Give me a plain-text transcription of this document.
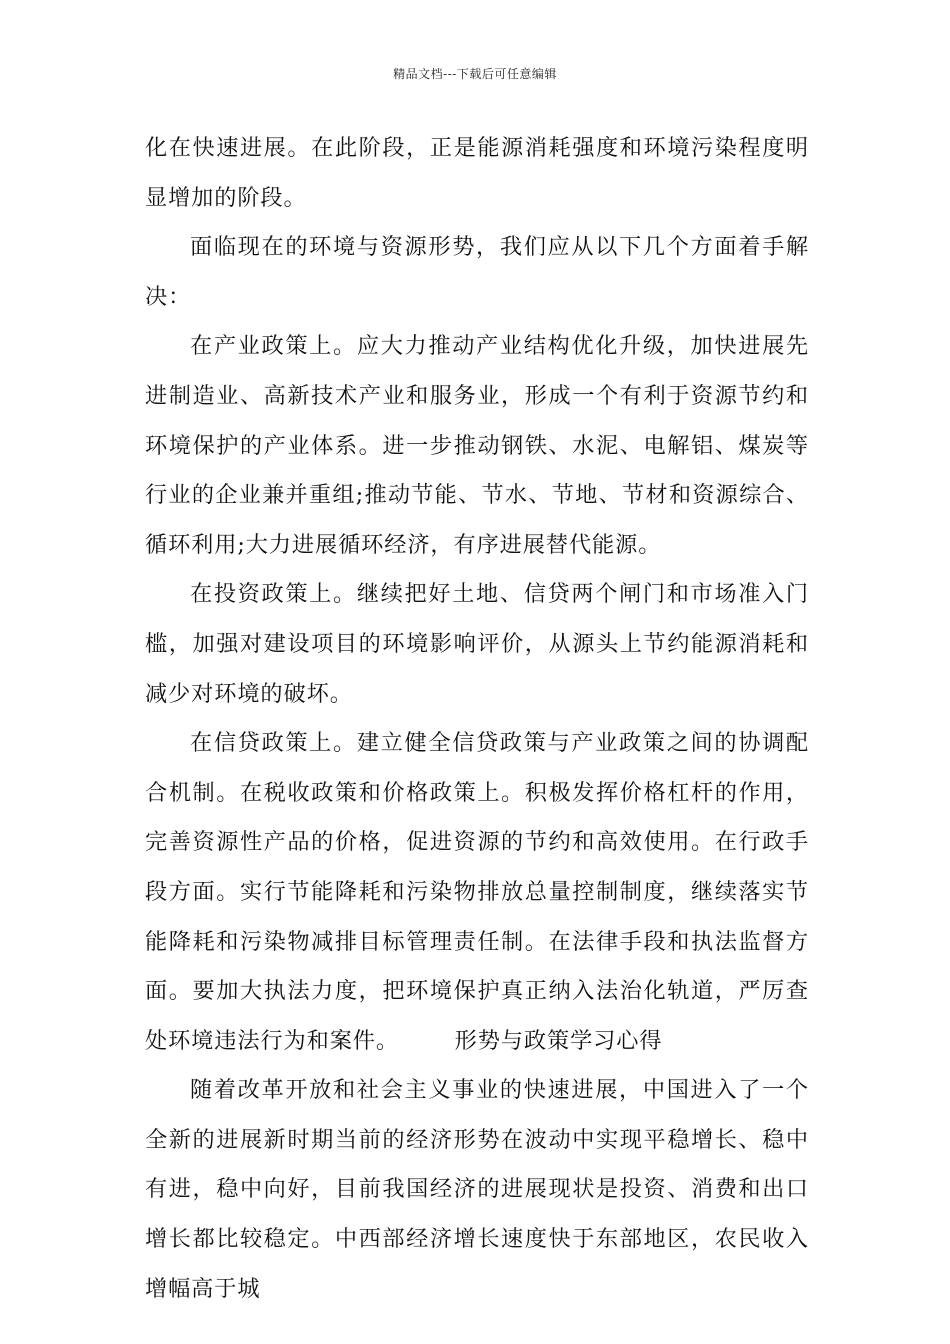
精品文档---下载后可任意编辑

化在快速进展。在此阶段，正是能源消耗强度和环境污染程度明显增加的阶段。

面临现在的环境与资源形势，我们应从以下几个方面着手解决：

在产业政策上。应大力推动产业结构优化升级，加快进展先进制造业、高新技术产业和服务业，形成一个有利于资源节约和环境保护的产业体系。进一步推动钢铁、水泥、电解铝、煤炭等行业的企业兼并重组;推动节能、节水、节地、节材和资源综合、循环利用;大力进展循环经济，有序进展替代能源。

在投资政策上。继续把好土地、信贷两个闸门和市场准入门槛，加强对建设项目的环境影响评价，从源头上节约能源消耗和减少对环境的破坏。

在信贷政策上。建立健全信贷政策与产业政策之间的协调配合机制。在税收政策和价格政策上。积极发挥价格杠杆的作用，完善资源性产品的价格，促进资源的节约和高效使用。在行政手段方面。实行节能降耗和污染物排放总量控制制度，继续落实节能降耗和污染物减排目标管理责任制。在法律手段和执法监督方面。要加大执法力度，把环境保护真正纳入法治化轨道，严厉查处环境违法行为和案件。       形势与政策学习心得

随着改革开放和社会主义事业的快速进展，中国进入了一个全新的进展新时期当前的经济形势在波动中实现平稳增长、稳中有进，稳中向好，目前我国经济的进展现状是投资、消费和出口增长都比较稳定。中西部经济增长速度快于东部地区，农民收入增幅高于城
